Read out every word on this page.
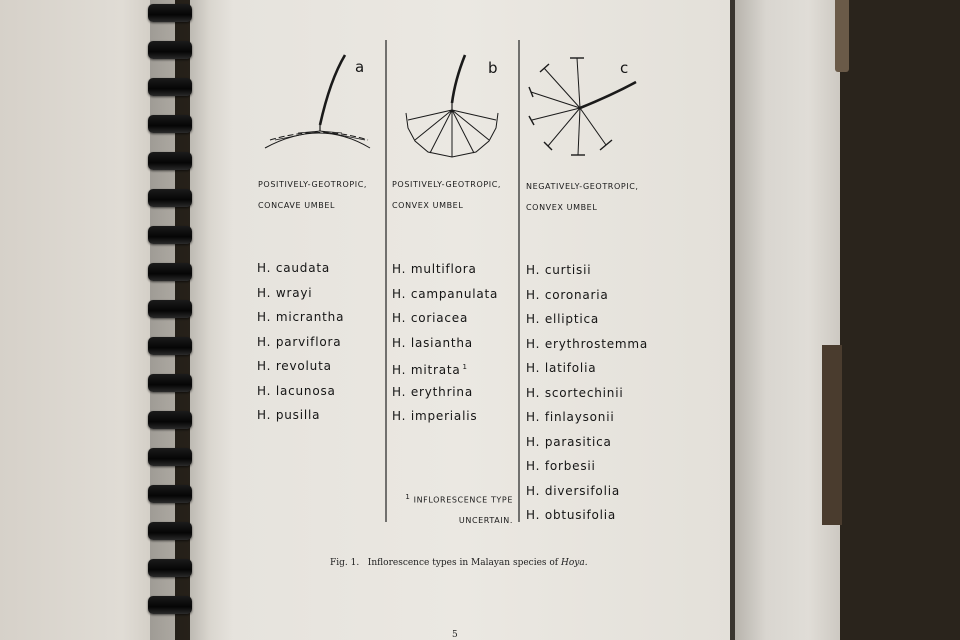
a	b	c
POSITIVELY-GEOTROPIC,
CONCAVE UMBEL
POSITIVELY-GEOTROPIC,
CONVEX UMBEL
NEGATIVELY-GEOTROPIC,
CONVEX UMBEL
H. caudata
H. wrayi
H. micrantha
H. parviflora
H. revoluta
H. lacunosa
H. pusilla
H. multiflora
H. campanulata
H. coriacea
H. lasiantha
H. mitrata $^1$
H. erythrina
H. imperialis
H. curtisii
H. coronaria
H. elliptica
H. erythrostemma
H. latifolia
H. scortechinii
H. finlaysonii
H. parasitica
H. forbesii
H. diversifolia
H. obtusifolia
1 INFLORESCENCE TYPE
UNCERTAIN.
Fig. 1. Inflorescence types in Malayan species of Hoya.
5
